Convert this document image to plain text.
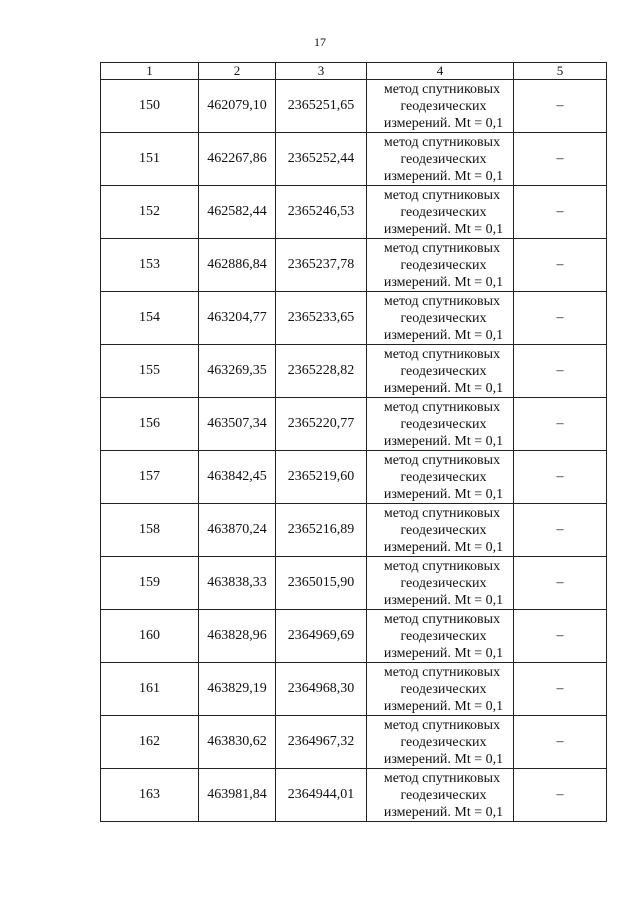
17
1	2	3	4	5
150	462079,10	2365251,65	метод спутниковых
геодезических
измерений. Mt = 0,1	–
151	462267,86	2365252,44	метод спутниковых
геодезических
измерений. Mt = 0,1	–
152	462582,44	2365246,53	метод спутниковых
геодезических
измерений. Mt = 0,1	–
153	462886,84	2365237,78	метод спутниковых
геодезических
измерений. Mt = 0,1	–
154	463204,77	2365233,65	метод спутниковых
геодезических
измерений. Mt = 0,1	–
155	463269,35	2365228,82	метод спутниковых
геодезических
измерений. Mt = 0,1	–
156	463507,34	2365220,77	метод спутниковых
геодезических
измерений. Mt = 0,1	–
157	463842,45	2365219,60	метод спутниковых
геодезических
измерений. Mt = 0,1	–
158	463870,24	2365216,89	метод спутниковых
геодезических
измерений. Mt = 0,1	–
159	463838,33	2365015,90	метод спутниковых
геодезических
измерений. Mt = 0,1	–
160	463828,96	2364969,69	метод спутниковых
геодезических
измерений. Mt = 0,1	–
161	463829,19	2364968,30	метод спутниковых
геодезических
измерений. Mt = 0,1	–
162	463830,62	2364967,32	метод спутниковых
геодезических
измерений. Mt = 0,1	–
163	463981,84	2364944,01	метод спутниковых
геодезических
измерений. Mt = 0,1	–
